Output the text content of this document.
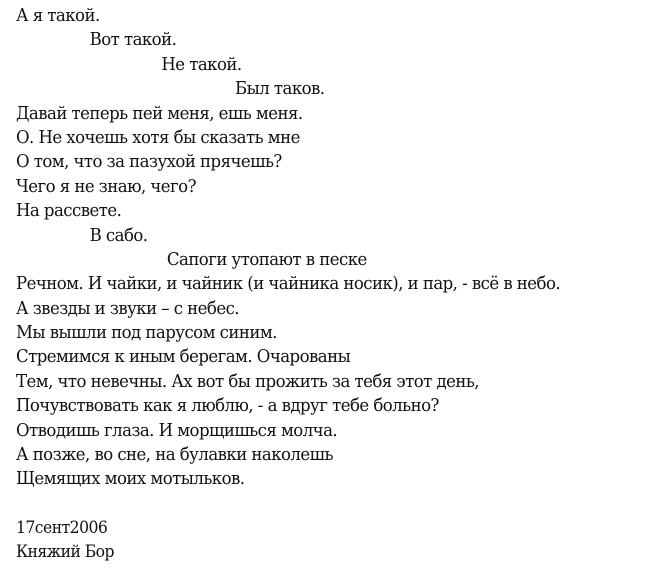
А я такой.
Вот такой.
Не такой.
Был таков.
Давай теперь пей меня, ешь меня.
О. Не хочешь хотя бы сказать мне
О том, что за пазухой прячешь?
Чего я не знаю, чего?
На рассвете.
В сабо.
Сапоги утопают в песке
Речном. И чайки, и чайник (и чайника носик), и пар, - всё в небо.
А звезды и звуки – с небес.
Мы вышли под парусом синим.
Стремимся к иным берегам. Очарованы
Тем, что невечны. Ах вот бы прожить за тебя этот день,
Почувствовать как я люблю, - а вдруг тебе больно?
Отводишь глаза. И морщишься молча.
А позже, во сне, на булавки наколешь
Щемящих моих мотыльков.
17сент2006
Княжий Бор
